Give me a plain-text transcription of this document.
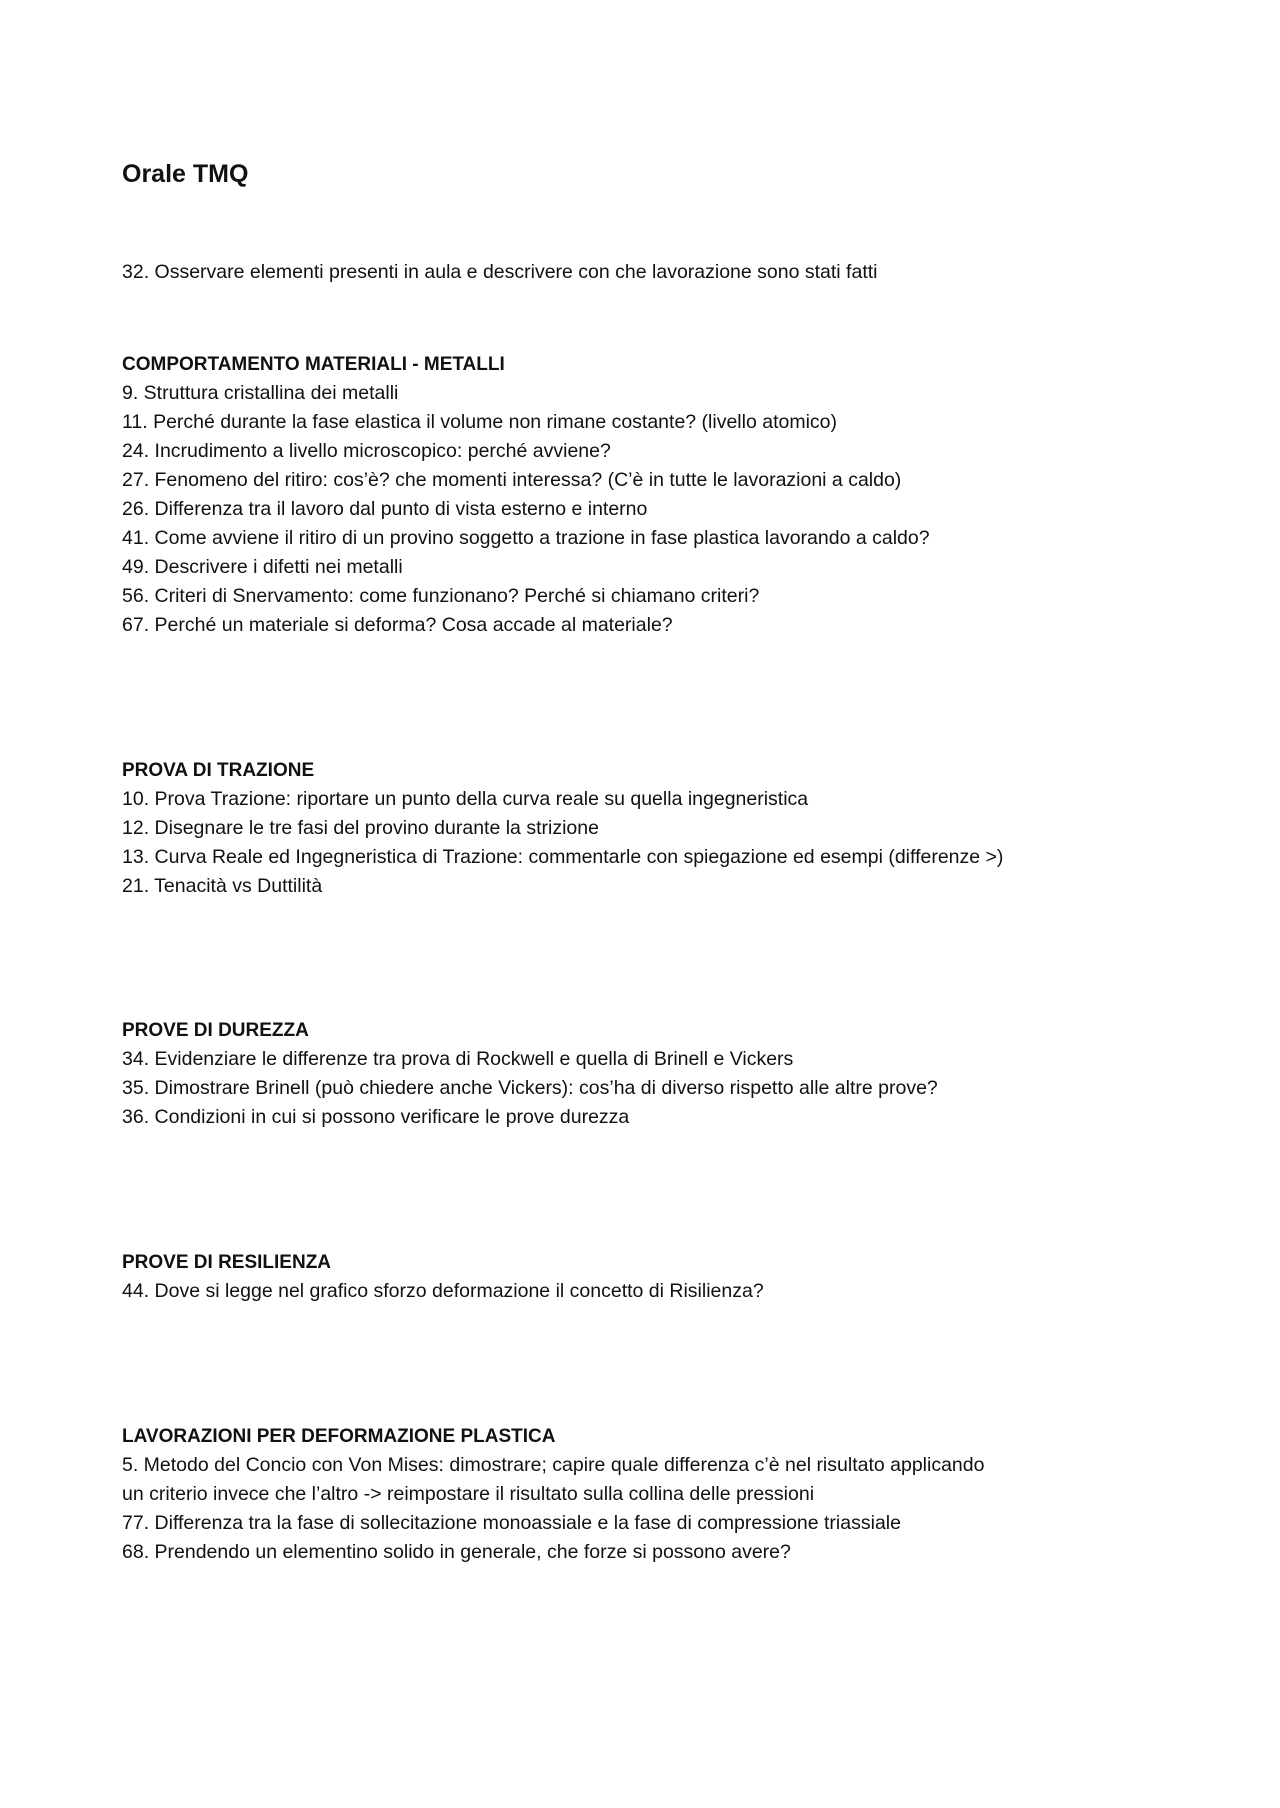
Orale TMQ

32. Osservare elementi presenti in aula e descrivere con che lavorazione sono stati fatti

COMPORTAMENTO MATERIALI - METALLI

9. Struttura cristallina dei metalli

11. Perché durante la fase elastica il volume non rimane costante? (livello atomico)

24. Incrudimento a livello microscopico: perché avviene?

27. Fenomeno del ritiro: cos’è? che momenti interessa? (C’è in tutte le lavorazioni a caldo)

26. Differenza tra il lavoro dal punto di vista esterno e interno

41. Come avviene il ritiro di un provino soggetto a trazione in fase plastica lavorando a caldo?

49. Descrivere i difetti nei metalli

56. Criteri di Snervamento: come funzionano? Perché si chiamano criteri?

67. Perché un materiale si deforma? Cosa accade al materiale?

PROVA DI TRAZIONE

10. Prova Trazione: riportare un punto della curva reale su quella ingegneristica

12. Disegnare le tre fasi del provino durante la strizione

13. Curva Reale ed Ingegneristica di Trazione: commentarle con spiegazione ed esempi (differenze >)

21. Tenacità vs Duttilità

PROVE DI DUREZZA

34. Evidenziare le differenze tra prova di Rockwell e quella di Brinell e Vickers

35. Dimostrare Brinell (può chiedere anche Vickers): cos’ha di diverso rispetto alle altre prove?

36. Condizioni in cui si possono verificare le prove durezza

PROVE DI RESILIENZA

44. Dove si legge nel grafico sforzo deformazione il concetto di Risilienza?

LAVORAZIONI PER DEFORMAZIONE PLASTICA

5. Metodo del Concio con Von Mises: dimostrare; capire quale differenza c’è nel risultato applicando

un criterio invece che l’altro -> reimpostare il risultato sulla collina delle pressioni

77. Differenza tra la fase di sollecitazione monoassiale e la fase di compressione triassiale

68. Prendendo un elementino solido in generale, che forze si possono avere?
